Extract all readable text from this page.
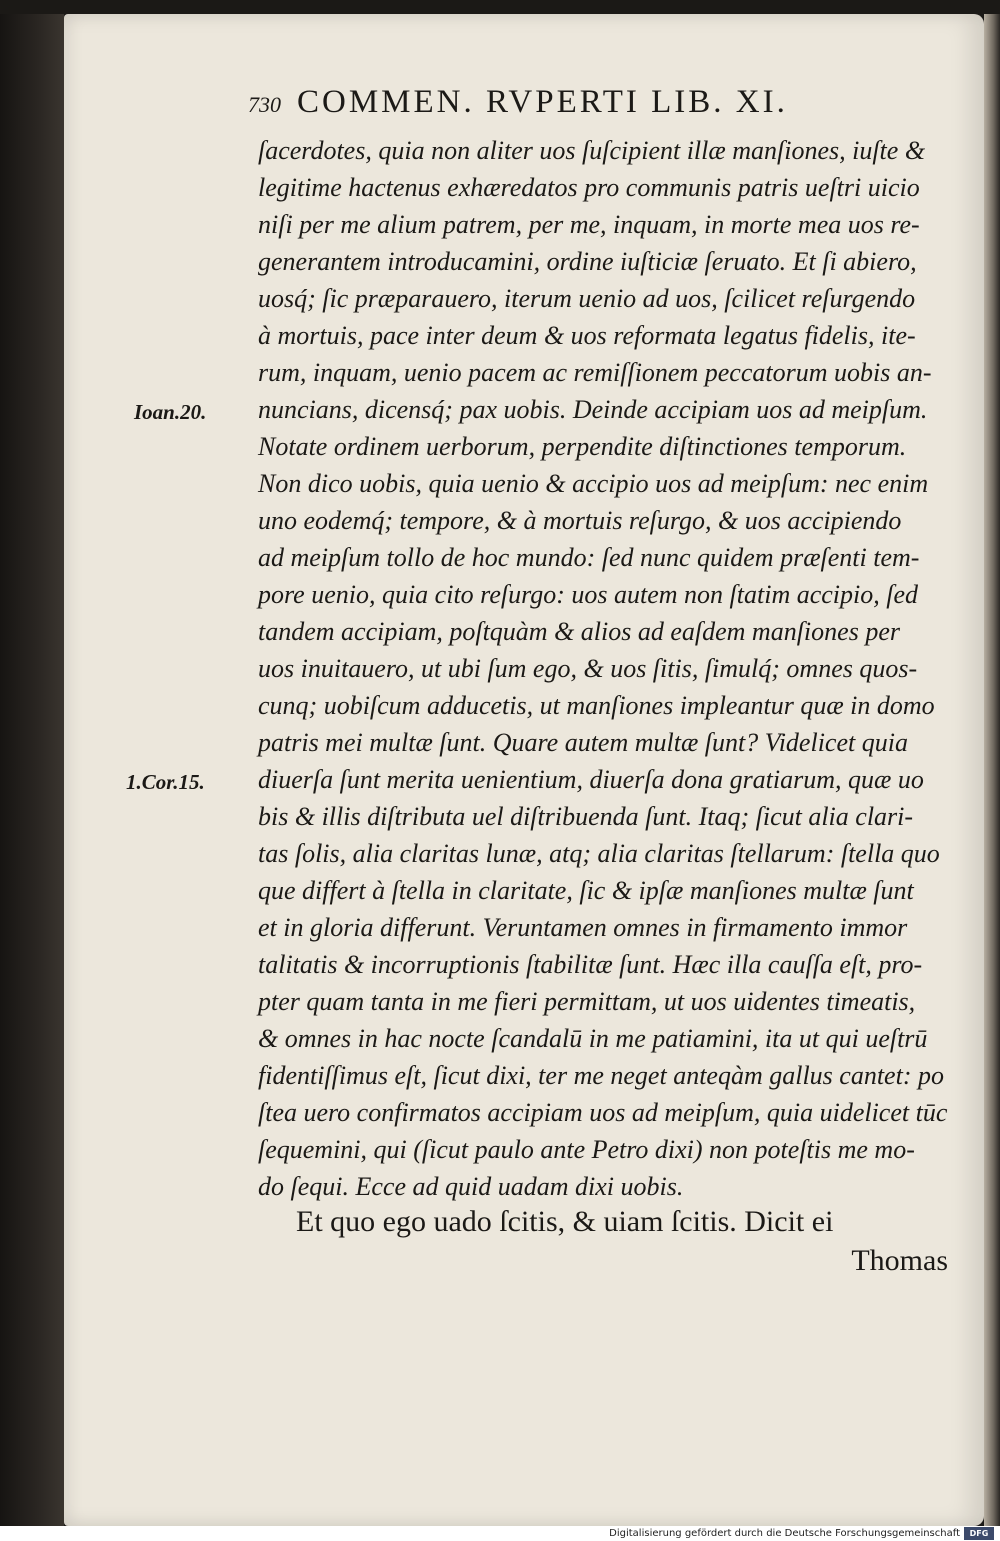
730 COMMEN. RVPERTI LIB. XI.
Ioan.20.
1.Cor.15.
ſacerdotes, quia non aliter uos ſuſcipient illæ manſiones, iuſte &
legitime hactenus exhæredatos pro communis patris ueſtri uicio
niſi per me alium patrem, per me, inquam, in morte mea uos re-
generantem introducamini, ordine iuſticiæ ſeruato. Et ſi abiero,
uosq́; ſic præparauero, iterum uenio ad uos, ſcilicet reſurgendo
à mortuis, pace inter deum & uos reformata legatus fidelis, ite-
rum, inquam, uenio pacem ac remiſſionem peccatorum uobis an-
nuncians, dicensq́; pax uobis. Deinde accipiam uos ad meipſum.
Notate ordinem uerborum, perpendite diſtinctiones temporum.
Non dico uobis, quia uenio & accipio uos ad meipſum: nec enim
uno eodemq́; tempore, & à mortuis reſurgo, & uos accipiendo
ad meipſum tollo de hoc mundo: ſed nunc quidem præſenti tem-
pore uenio, quia cito reſurgo: uos autem non ſtatim accipio, ſed
tandem accipiam, poſtquàm & alios ad eaſdem manſiones per
uos inuitauero, ut ubi ſum ego, & uos ſitis, ſimulq́; omnes quos-
cunq; uobiſcum adducetis, ut manſiones impleantur quæ in domo
patris mei multæ ſunt. Quare autem multæ ſunt? Videlicet quia
diuerſa ſunt merita uenientium, diuerſa dona gratiarum, quæ uo
bis & illis diſtributa uel diſtribuenda ſunt. Itaq; ſicut alia clari-
tas ſolis, alia claritas lunæ, atq; alia claritas ſtellarum: ſtella quo
que differt à ſtella in claritate, ſic & ipſæ manſiones multæ ſunt
et in gloria differunt. Veruntamen omnes in firmamento immor
talitatis & incorruptionis ſtabilitæ ſunt. Hæc illa cauſſa eſt, pro-
pter quam tanta in me fieri permittam, ut uos uidentes timeatis,
& omnes in hac nocte ſcandalū in me patiamini, ita ut qui ueſtrū
fidentiſſimus eſt, ſicut dixi, ter me neget anteqàm gallus cantet: po
ſtea uero confirmatos accipiam uos ad meipſum, quia uidelicet tūc
ſequemini, qui (ſicut paulo ante Petro dixi) non poteſtis me mo-
do ſequi. Ecce ad quid uadam dixi uobis.
Et quo ego uado ſcitis, & uiam ſcitis. Dicit ei
Thomas
Digitalisierung gefördert durch die Deutsche Forschungsgemeinschaft	DFG
